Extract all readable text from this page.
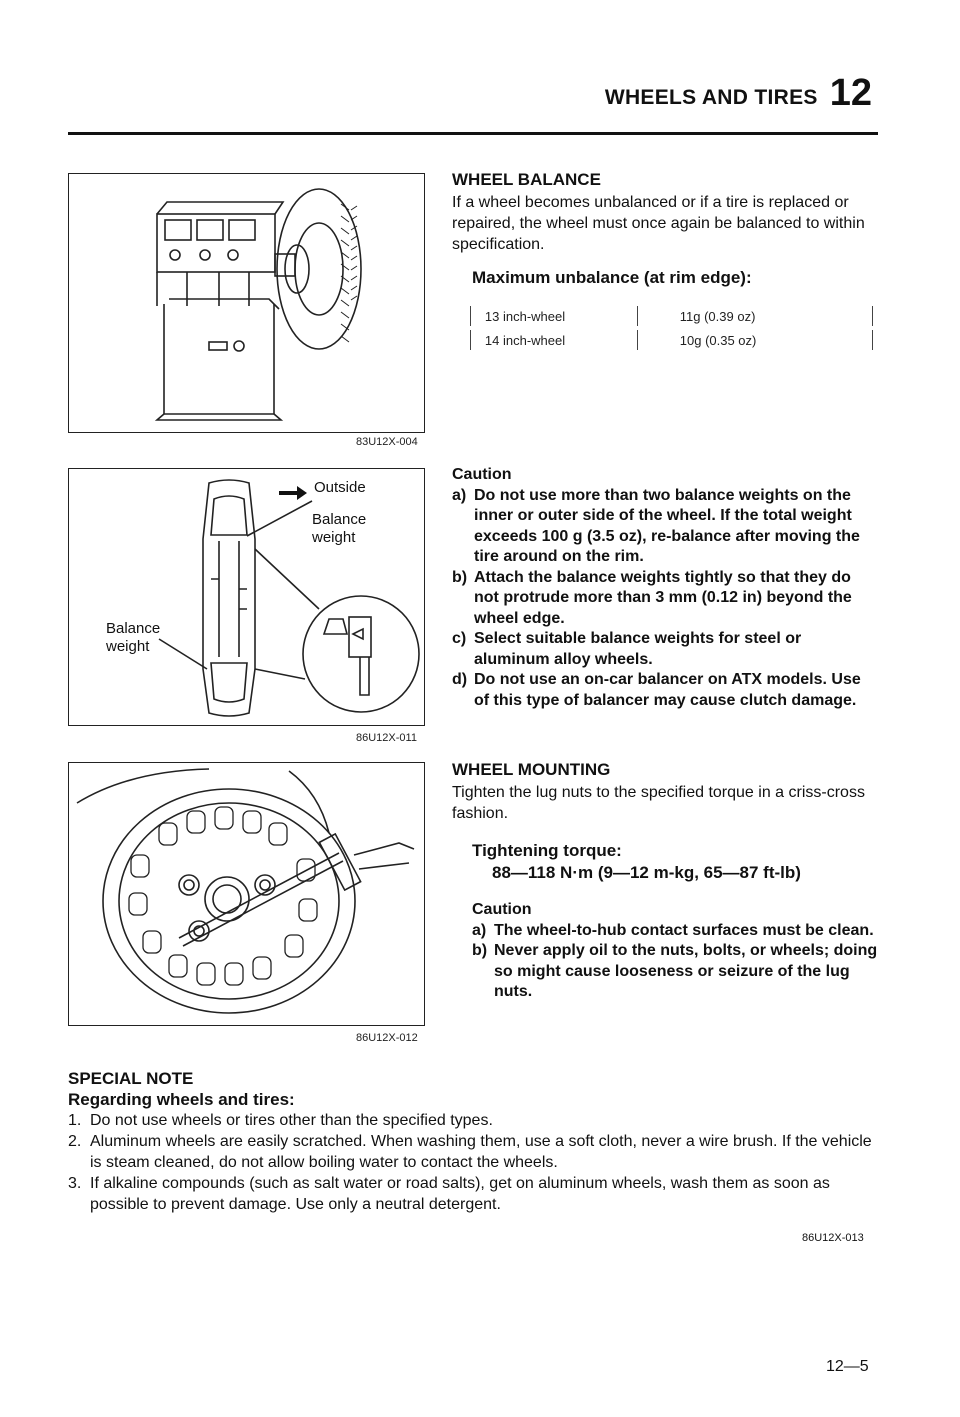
WHEELS AND TIRES 12
83U12X-004
Outside
Balance weight
Balance weight
86U12X-011
86U12X-012
WHEEL BALANCE

If a wheel becomes unbalanced or if a tire is replaced or repaired, the wheel must once again be balanced to within specification.

Maximum unbalance (at rim edge):
13 inch-wheel	11g (0.39 oz)
14 inch-wheel	10g (0.35 oz)
Caution
a) Do not use more than two balance weights on the inner or outer side of the wheel. If the total weight exceeds 100 g (3.5 oz), re-balance after moving the tire around on the rim.
b) Attach the balance weights tightly so that they do not protrude more than 3 mm (0.12 in) beyond the wheel edge.
c) Select suitable balance weights for steel or aluminum alloy wheels.
d) Do not use an on-car balancer on ATX models. Use of this type of balancer may cause clutch damage.
WHEEL MOUNTING

Tighten the lug nuts to the specified torque in a criss-cross fashion.

Tightening torque:
88—118 N·m (9—12 m-kg, 65—87 ft-lb)
Caution
a) The wheel-to-hub contact surfaces must be clean.
b) Never apply oil to the nuts, bolts, or wheels; doing so might cause looseness or seizure of the lug nuts.
SPECIAL NOTE
Regarding wheels and tires:
1. Do not use wheels or tires other than the specified types.
2. Aluminum wheels are easily scratched. When washing them, use a soft cloth, never a wire brush. If the vehicle is steam cleaned, do not allow boiling water to contact the wheels.
3. If alkaline compounds (such as salt water or road salts), get on aluminum wheels, wash them as soon as possible to prevent damage. Use only a neutral detergent.
86U12X-013
12—5
